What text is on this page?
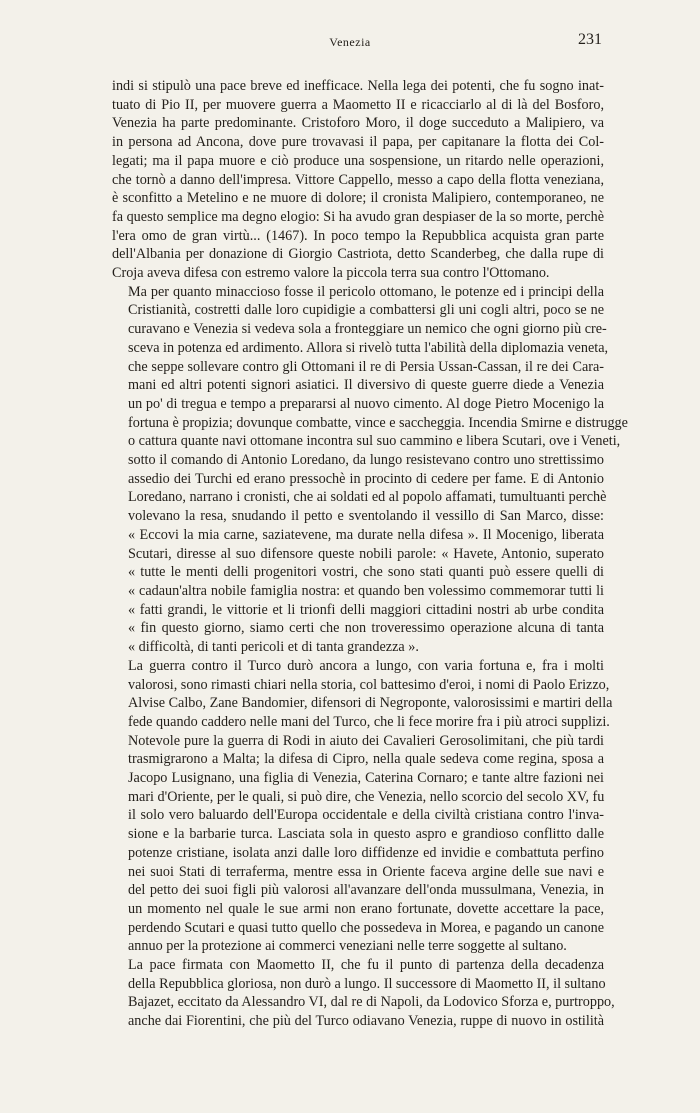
Venezia	231

indi si stipulò una pace breve ed inefficace. Nella lega dei potenti, che fu sogno inat-
tuato di Pio II, per muovere guerra a Maometto II e ricacciarlo al di là del Bosforo,
Venezia ha parte predominante. Cristoforo Moro, il doge succeduto a Malipiero, va
in persona ad Ancona, dove pure trovavasi il papa, per capitanare la flotta dei Col-
legati; ma il papa muore e ciò produce una sospensione, un ritardo nelle operazioni,
che tornò a danno dell'impresa. Vittore Cappello, messo a capo della flotta veneziana,
è sconfitto a Metelino e ne muore di dolore; il cronista Malipiero, contemporaneo, ne
fa questo semplice ma degno elogio: Si ha avudo gran despiaser de la so morte, perchè
l'era omo de gran virtù... (1467). In poco tempo la Repubblica acquista gran parte
dell'Albania per donazione di Giorgio Castriota, detto Scanderbeg, che dalla rupe di
Croja aveva difesa con estremo valore la piccola terra sua contro l'Ottomano.

Ma per quanto minaccioso fosse il pericolo ottomano, le potenze ed i principi della
Cristianità, costretti dalle loro cupidigie a combattersi gli uni cogli altri, poco se ne
curavano e Venezia si vedeva sola a fronteggiare un nemico che ogni giorno più cre-
sceva in potenza ed ardimento. Allora si rivelò tutta l'abilità della diplomazia veneta,
che seppe sollevare contro gli Ottomani il re di Persia Ussan-Cassan, il re dei Cara-
mani ed altri potenti signori asiatici. Il diversivo di queste guerre diede a Venezia
un po' di tregua e tempo a prepararsi al nuovo cimento. Al doge Pietro Mocenigo la
fortuna è propizia; dovunque combatte, vince e saccheggia. Incendia Smirne e distrugge
o cattura quante navi ottomane incontra sul suo cammino e libera Scutari, ove i Veneti,
sotto il comando di Antonio Loredano, da lungo resistevano contro uno strettissimo
assedio dei Turchi ed erano pressochè in procinto di cedere per fame. E di Antonio
Loredano, narrano i cronisti, che ai soldati ed al popolo affamati, tumultuanti perchè
volevano la resa, snudando il petto e sventolando il vessillo di San Marco, disse:
« Eccovi la mia carne, saziatevene, ma durate nella difesa ». Il Mocenigo, liberata
Scutari, diresse al suo difensore queste nobili parole: « Havete, Antonio, superato
« tutte le menti delli progenitori vostri, che sono stati quanti può essere quelli di
« cadaun'altra nobile famiglia nostra: et quando ben volessimo commemorar tutti li
« fatti grandi, le vittorie et li trionfi delli maggiori cittadini nostri ab urbe condita
« fin questo giorno, siamo certi che non troveressimo operazione alcuna di tanta
« difficoltà, di tanti pericoli et di tanta grandezza ».

La guerra contro il Turco durò ancora a lungo, con varia fortuna e, fra i molti
valorosi, sono rimasti chiari nella storia, col battesimo d'eroi, i nomi di Paolo Erizzo,
Alvise Calbo, Zane Bandomier, difensori di Negroponte, valorosissimi e martiri della
fede quando caddero nelle mani del Turco, che li fece morire fra i più atroci supplizi.
Notevole pure la guerra di Rodi in aiuto dei Cavalieri Gerosolimitani, che più tardi
trasmigrarono a Malta; la difesa di Cipro, nella quale sedeva come regina, sposa a
Jacopo Lusignano, una figlia di Venezia, Caterina Cornaro; e tante altre fazioni nei
mari d'Oriente, per le quali, si può dire, che Venezia, nello scorcio del secolo XV, fu
il solo vero baluardo dell'Europa occidentale e della civiltà cristiana contro l'inva-
sione e la barbarie turca. Lasciata sola in questo aspro e grandioso conflitto dalle
potenze cristiane, isolata anzi dalle loro diffidenze ed invidie e combattuta perfino
nei suoi Stati di terraferma, mentre essa in Oriente faceva argine delle sue navi e
del petto dei suoi figli più valorosi all'avanzare dell'onda mussulmana, Venezia, in
un momento nel quale le sue armi non erano fortunate, dovette accettare la pace,
perdendo Scutari e quasi tutto quello che possedeva in Morea, e pagando un canone
annuo per la protezione ai commerci veneziani nelle terre soggette al sultano.

La pace firmata con Maometto II, che fu il punto di partenza della decadenza
della Repubblica gloriosa, non durò a lungo. Il successore di Maometto II, il sultano
Bajazet, eccitato da Alessandro VI, dal re di Napoli, da Lodovico Sforza e, purtroppo,
anche dai Fiorentini, che più del Turco odiavano Venezia, ruppe di nuovo in ostilità
